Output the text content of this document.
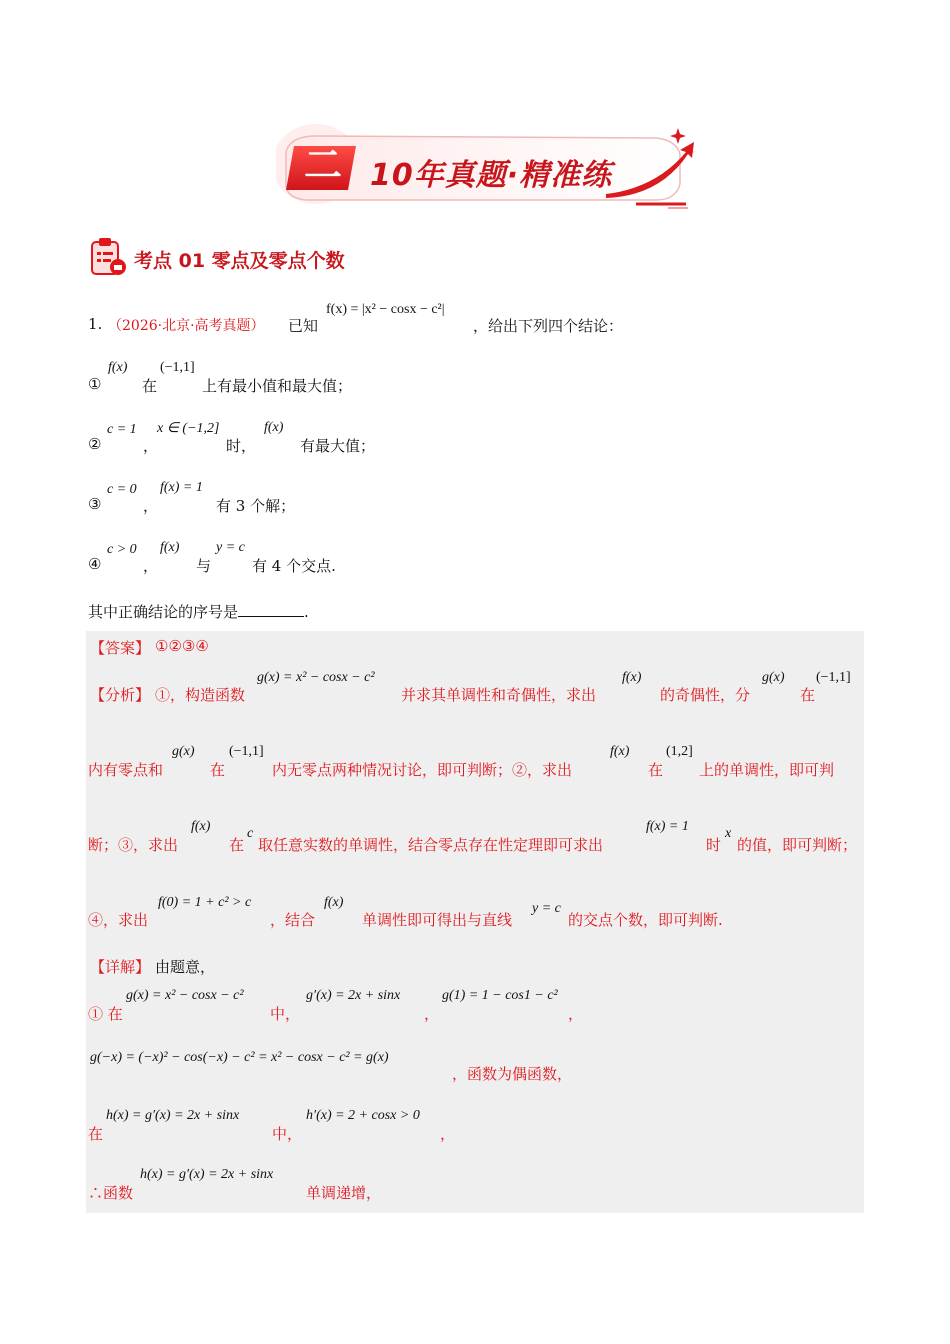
二 10年真题·精准练
考点 01 零点及零点个数
1. （2026·北京·高考真题） 已知
f(x) = |x² − cosx − c²|
，给出下列四个结论：
①
f(x)
在
(−1,1]
上有最小值和最大值；
②
c = 1
，
x ∈ (−1,2]
时，
f(x)
有最大值；
③
c = 0
，
f(x) = 1
有 3 个解；
④
c > 0
，
f(x)
与
y = c
有 4 个交点.
其中正确结论的序号是	.
【答案】 ①②③④
【分析】 ①，构造函数
g(x) = x² − cosx − c²
并求其单调性和奇偶性，求出
f(x)
的奇偶性，分
g(x)
在
(−1,1]
内有零点和
g(x)
在
(−1,1]
内无零点两种情况讨论，即可判断；②，求出
f(x)
在
(1,2]
上的单调性，即可判
断；③，求出
f(x)
在
c
取任意实数的单调性，结合零点存在性定理即可求出
f(x) = 1
时
x
的值，即可判断；
④，求出
f(0) = 1 + c² > c
，结合
f(x)
单调性即可得出与直线
y = c
的交点个数，即可判断.
【详解】 由题意，
① 在
g(x) = x² − cosx − c²
中，
g′(x) = 2x + sinx
，
g(1) = 1 − cos1 − c²
，
g(−x) = (−x)² − cos(−x) − c² = x² − cosx − c² = g(x)
，函数为偶函数，
在
h(x) = g′(x) = 2x + sinx
中，
h′(x) = 2 + cosx > 0
，
∴函数
h(x) = g′(x) = 2x + sinx
单调递增，
